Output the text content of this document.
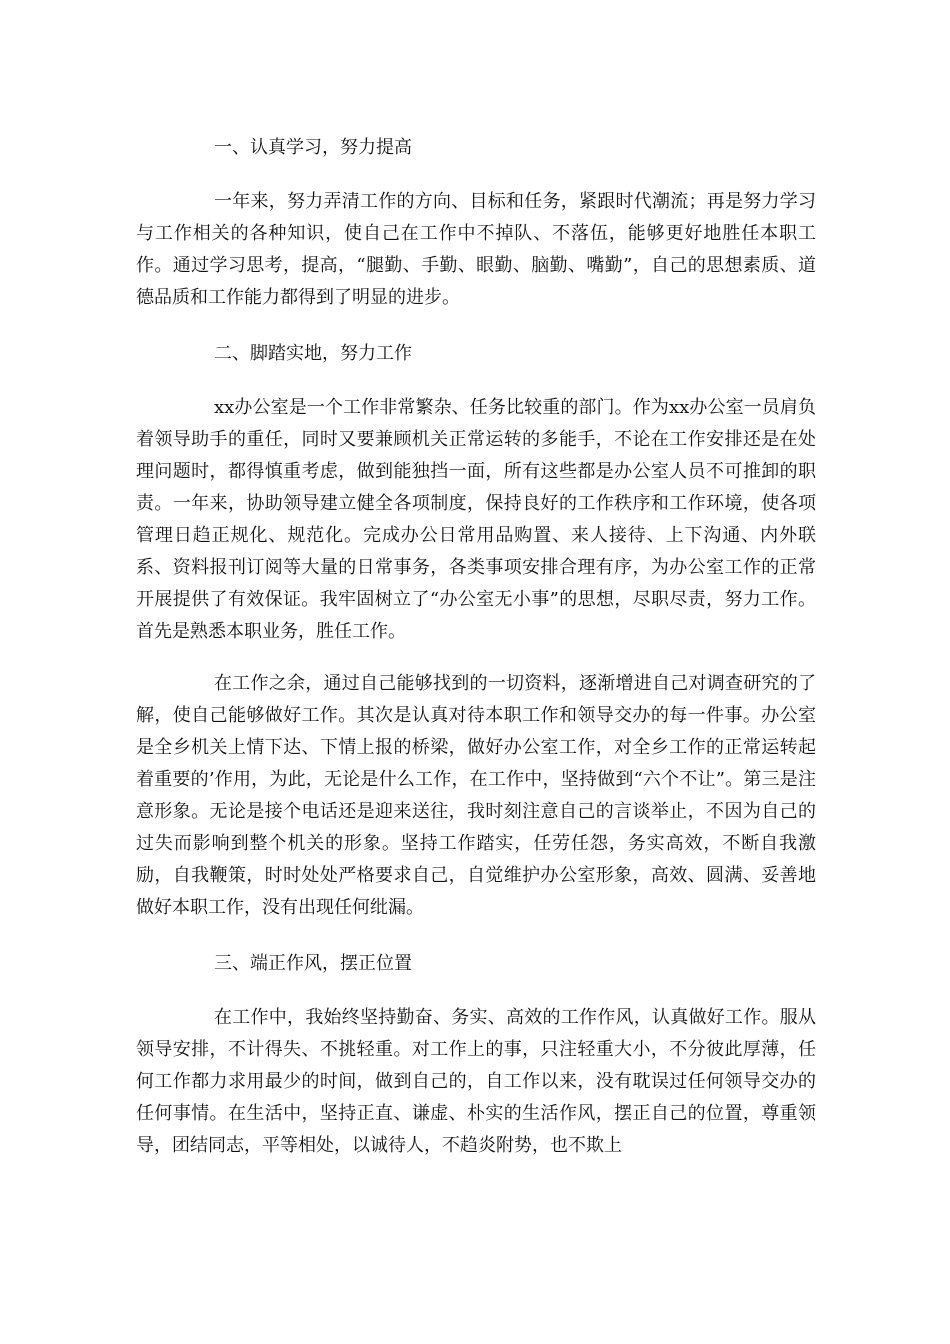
一、认真学习，努力提高

一年来，努力弄清工作的方向、目标和任务，紧跟时代潮流；再是努力学习与工作相关的各种知识，使自己在工作中不掉队、不落伍，能够更好地胜任本职工作。通过学习思考，提高，“腿勤、手勤、眼勤、脑勤、嘴勤”，自己的思想素质、道德品质和工作能力都得到了明显的进步。

二、脚踏实地，努力工作

xx办公室是一个工作非常繁杂、任务比较重的部门。作为xx办公室一员肩负着领导助手的重任，同时又要兼顾机关正常运转的多能手，不论在工作安排还是在处理问题时，都得慎重考虑，做到能独挡一面，所有这些都是办公室人员不可推卸的职责。一年来，协助领导建立健全各项制度，保持良好的工作秩序和工作环境，使各项管理日趋正规化、规范化。完成办公日常用品购置、来人接待、上下沟通、内外联系、资料报刊订阅等大量的日常事务，各类事项安排合理有序，为办公室工作的正常开展提供了有效保证。我牢固树立了“办公室无小事”的思想，尽职尽责，努力工作。首先是熟悉本职业务，胜任工作。

在工作之余，通过自己能够找到的一切资料，逐渐增进自己对调查研究的了解，使自己能够做好工作。其次是认真对待本职工作和领导交办的每一件事。办公室是全乡机关上情下达、下情上报的桥梁，做好办公室工作，对全乡工作的正常运转起着重要的’作用，为此，无论是什么工作，在工作中，坚持做到“六个不让”。第三是注意形象。无论是接个电话还是迎来送往，我时刻注意自己的言谈举止，不因为自己的过失而影响到整个机关的形象。坚持工作踏实，任劳任怨，务实高效，不断自我激励，自我鞭策，时时处处严格要求自己，自觉维护办公室形象，高效、圆满、妥善地做好本职工作，没有出现任何纰漏。

三、端正作风，摆正位置

在工作中，我始终坚持勤奋、务实、高效的工作作风，认真做好工作。服从领导安排，不计得失、不挑轻重。对工作上的事，只注轻重大小，不分彼此厚薄，任何工作都力求用最少的时间，做到自己的，自工作以来，没有耽误过任何领导交办的任何事情。在生活中，坚持正直、谦虚、朴实的生活作风，摆正自己的位置，尊重领导，团结同志，平等相处，以诚待人，不趋炎附势，也不欺上
